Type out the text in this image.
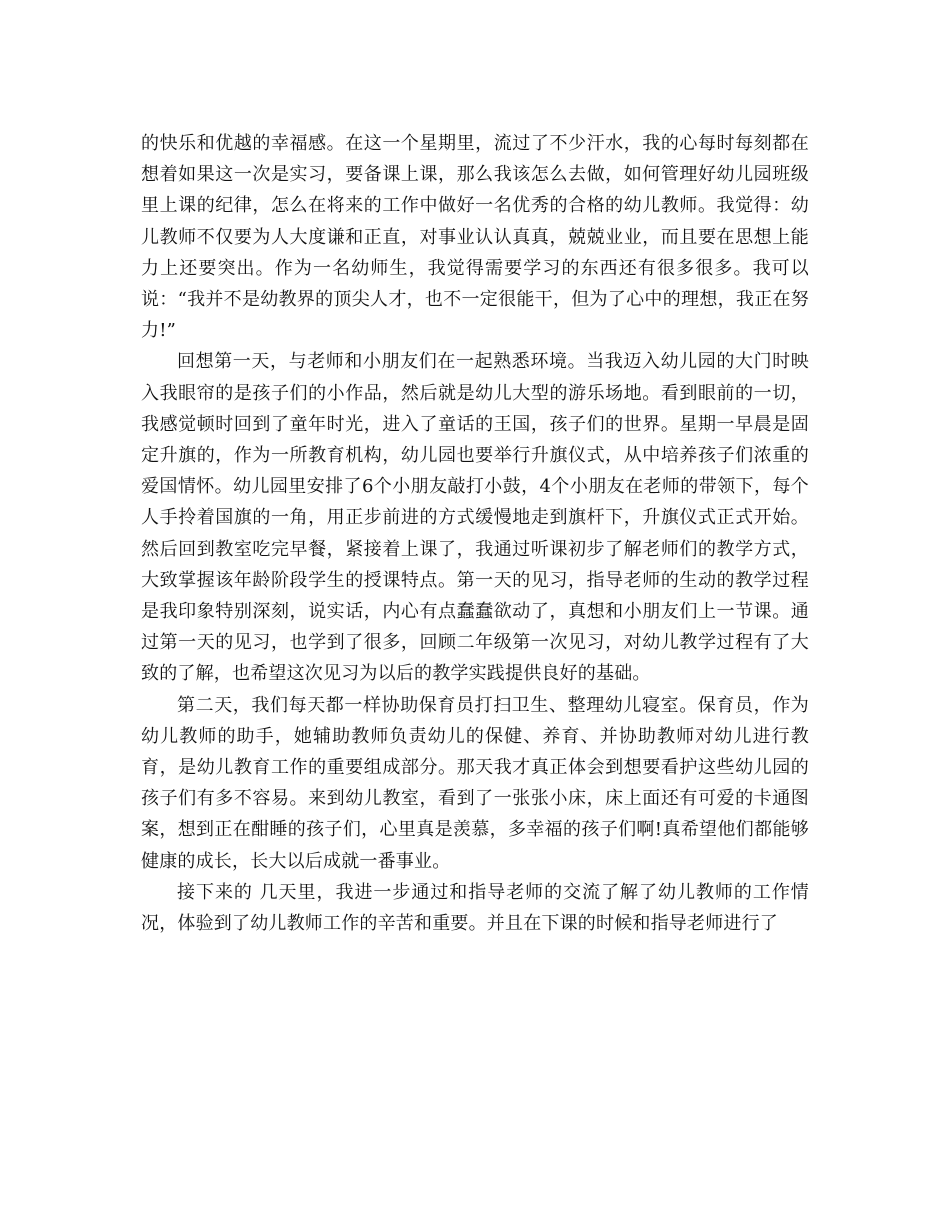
的快乐和优越的幸福感。在这一个星期里，流过了不少汗水，我的心每时每刻都在想着如果这一次是实习，要备课上课，那么我该怎么去做，如何管理好幼儿园班级里上课的纪律，怎么在将来的工作中做好一名优秀的合格的幼儿教师。我觉得：幼儿教师不仅要为人大度谦和正直，对事业认认真真，兢兢业业，而且要在思想上能力上还要突出。作为一名幼师生，我觉得需要学习的东西还有很多很多。我可以说：“我并不是幼教界的顶尖人才，也不一定很能干，但为了心中的理想，我正在努力!”

回想第一天，与老师和小朋友们在一起熟悉环境。当我迈入幼儿园的大门时映入我眼帘的是孩子们的小作品，然后就是幼儿大型的游乐场地。看到眼前的一切，我感觉顿时回到了童年时光，进入了童话的王国，孩子们的世界。星期一早晨是固定升旗的，作为一所教育机构，幼儿园也要举行升旗仪式，从中培养孩子们浓重的爱国情怀。幼儿园里安排了6个小朋友敲打小鼓，4个小朋友在老师的带领下，每个人手拎着国旗的一角，用正步前进的方式缓慢地走到旗杆下，升旗仪式正式开始。然后回到教室吃完早餐，紧接着上课了，我通过听课初步了解老师们的教学方式，大致掌握该年龄阶段学生的授课特点。第一天的见习，指导老师的生动的教学过程是我印象特别深刻，说实话，内心有点蠢蠢欲动了，真想和小朋友们上一节课。通过第一天的见习，也学到了很多，回顾二年级第一次见习，对幼儿教学过程有了大致的了解，也希望这次见习为以后的教学实践提供良好的基础。

第二天，我们每天都一样协助保育员打扫卫生、整理幼儿寝室。保育员，作为幼儿教师的助手，她辅助教师负责幼儿的保健、养育、并协助教师对幼儿进行教育，是幼儿教育工作的重要组成部分。那天我才真正体会到想要看护这些幼儿园的孩子们有多不容易。来到幼儿教室，看到了一张张小床，床上面还有可爱的卡通图案，想到正在酣睡的孩子们，心里真是羡慕，多幸福的孩子们啊!真希望他们都能够健康的成长，长大以后成就一番事业。

接下来的 几天里，我进一步通过和指导老师的交流了解了幼儿教师的工作情况，体验到了幼儿教师工作的辛苦和重要。并且在下课的时候和指导老师进行了
